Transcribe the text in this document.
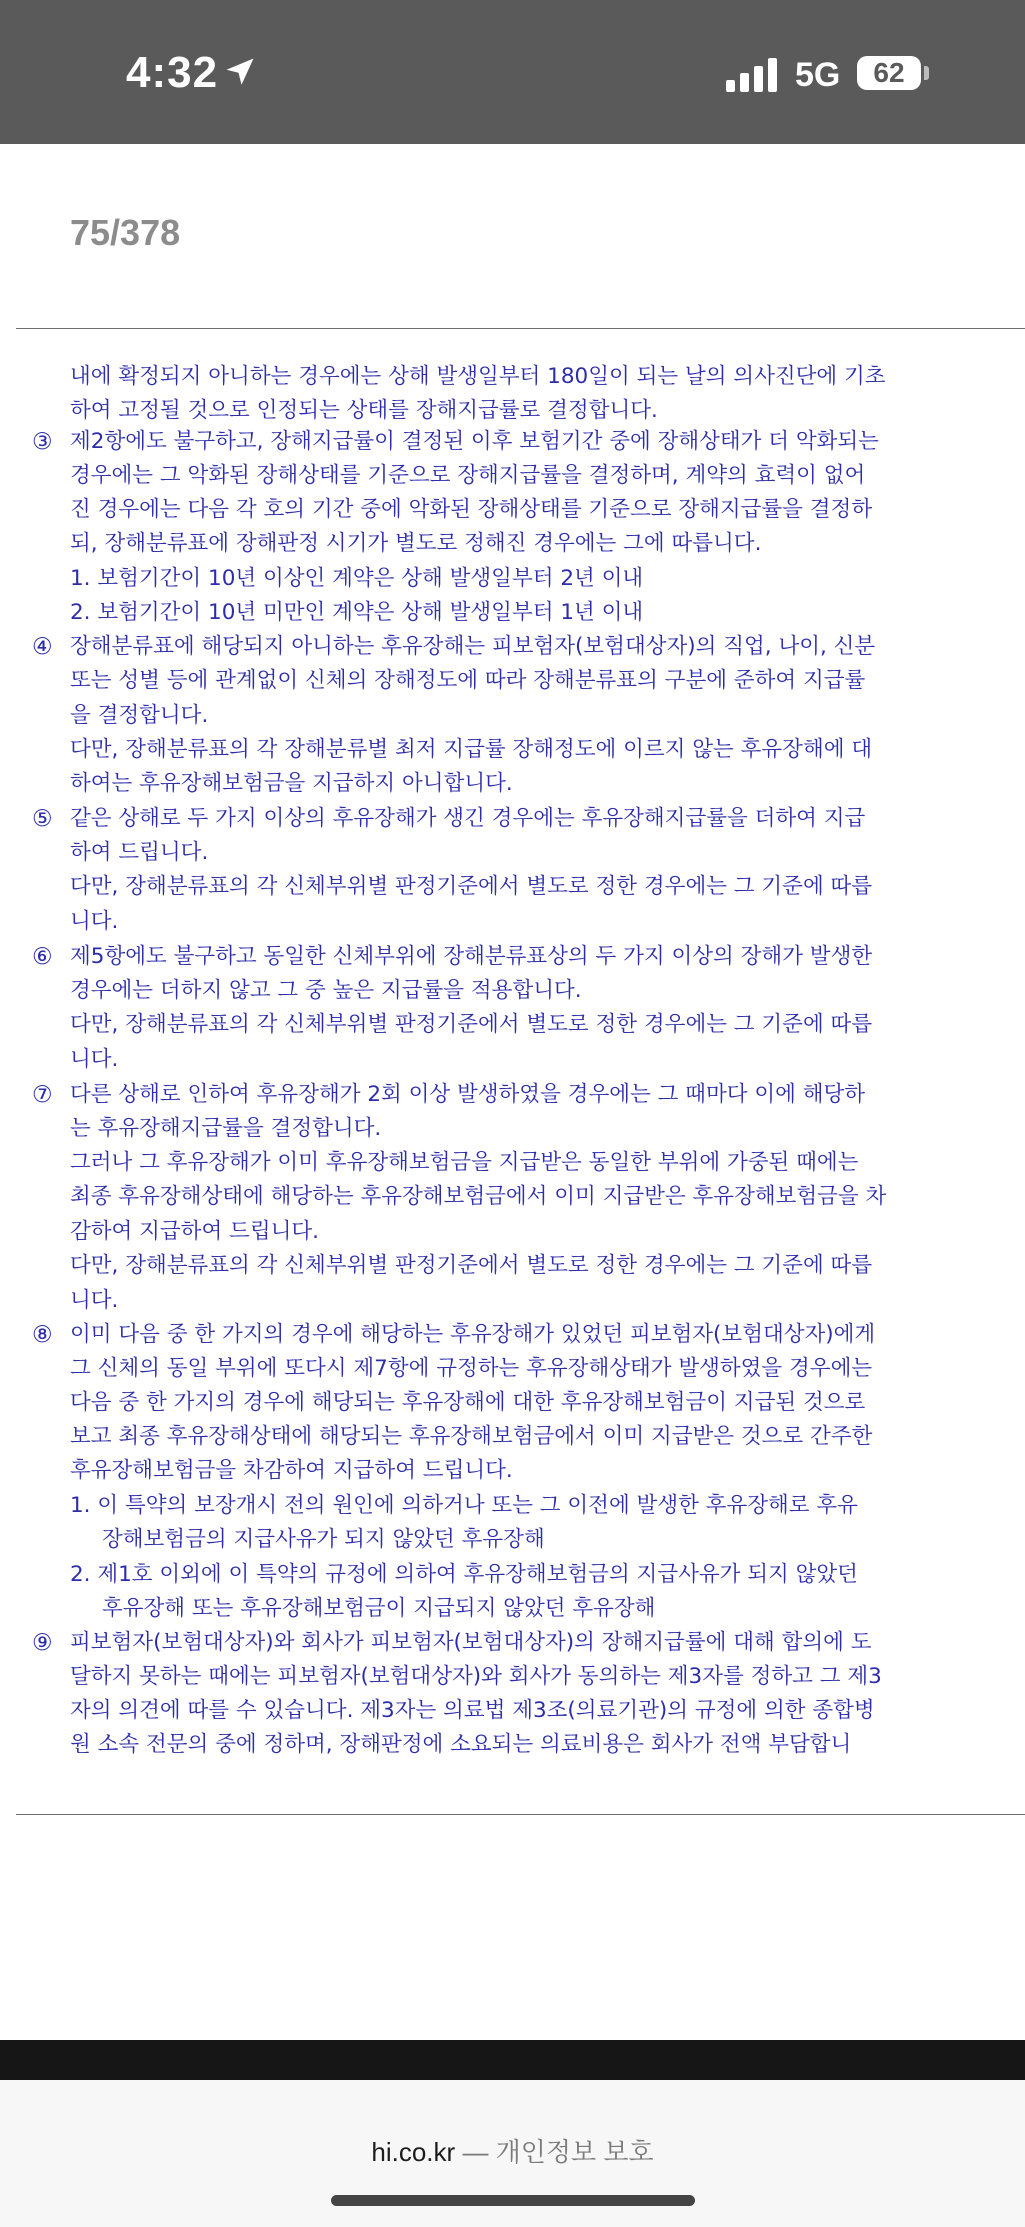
4:32	5G	62
75/378
③
④
⑤
⑥
⑦
⑧
⑨
내에 확정되지 아니하는 경우에는 상해 발생일부터 180일이 되는 날의 의사진단에 기초
하여 고정될 것으로 인정되는 상태를 장해지급률로 결정합니다.
제2항에도 불구하고, 장해지급률이 결정된 이후 보험기간 중에 장해상태가 더 악화되는
경우에는 그 악화된 장해상태를 기준으로 장해지급률을 결정하며, 계약의 효력이 없어
진 경우에는 다음 각 호의 기간 중에 악화된 장해상태를 기준으로 장해지급률을 결정하
되, 장해분류표에 장해판정 시기가 별도로 정해진 경우에는 그에 따릅니다.
1. 보험기간이 10년 이상인 계약은 상해 발생일부터 2년 이내
2. 보험기간이 10년 미만인 계약은 상해 발생일부터 1년 이내
장해분류표에 해당되지 아니하는 후유장해는 피보험자(보험대상자)의 직업, 나이, 신분
또는 성별 등에 관계없이 신체의 장해정도에 따라 장해분류표의 구분에 준하여 지급률
을 결정합니다.
다만, 장해분류표의 각 장해분류별 최저 지급률 장해정도에 이르지 않는 후유장해에 대
하여는 후유장해보험금을 지급하지 아니합니다.
같은 상해로 두 가지 이상의 후유장해가 생긴 경우에는 후유장해지급률을 더하여 지급
하여 드립니다.
다만, 장해분류표의 각 신체부위별 판정기준에서 별도로 정한 경우에는 그 기준에 따릅
니다.
제5항에도 불구하고 동일한 신체부위에 장해분류표상의 두 가지 이상의 장해가 발생한
경우에는 더하지 않고 그 중 높은 지급률을 적용합니다.
다만, 장해분류표의 각 신체부위별 판정기준에서 별도로 정한 경우에는 그 기준에 따릅
니다.
다른 상해로 인하여 후유장해가 2회 이상 발생하였을 경우에는 그 때마다 이에 해당하
는 후유장해지급률을 결정합니다.
그러나 그 후유장해가 이미 후유장해보험금을 지급받은 동일한 부위에 가중된 때에는
최종 후유장해상태에 해당하는 후유장해보험금에서 이미 지급받은 후유장해보험금을 차
감하여 지급하여 드립니다.
다만, 장해분류표의 각 신체부위별 판정기준에서 별도로 정한 경우에는 그 기준에 따릅
니다.
이미 다음 중 한 가지의 경우에 해당하는 후유장해가 있었던 피보험자(보험대상자)에게
그 신체의 동일 부위에 또다시 제7항에 규정하는 후유장해상태가 발생하였을 경우에는
다음 중 한 가지의 경우에 해당되는 후유장해에 대한 후유장해보험금이 지급된 것으로
보고 최종 후유장해상태에 해당되는 후유장해보험금에서 이미 지급받은 것으로 간주한
후유장해보험금을 차감하여 지급하여 드립니다.
1. 이 특약의 보장개시 전의 원인에 의하거나 또는 그 이전에 발생한 후유장해로 후유
장해보험금의 지급사유가 되지 않았던 후유장해
2. 제1호 이외에 이 특약의 규정에 의하여 후유장해보험금의 지급사유가 되지 않았던
후유장해 또는 후유장해보험금이 지급되지 않았던 후유장해
피보험자(보험대상자)와 회사가 피보험자(보험대상자)의 장해지급률에 대해 합의에 도
달하지 못하는 때에는 피보험자(보험대상자)와 회사가 동의하는 제3자를 정하고 그 제3
자의 의견에 따를 수 있습니다. 제3자는 의료법 제3조(의료기관)의 규정에 의한 종합병
원 소속 전문의 중에 정하며, 장해판정에 소요되는 의료비용은 회사가 전액 부담합니
hi.co.kr — 개인정보 보호
